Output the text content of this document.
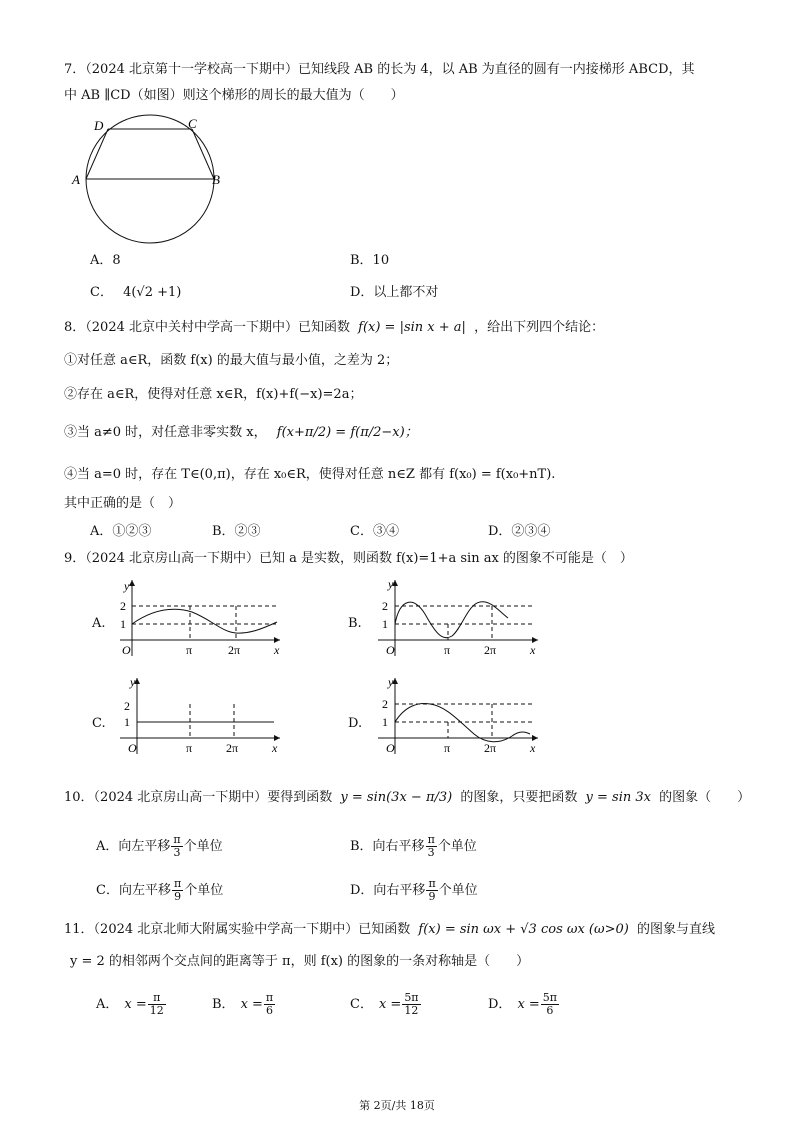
7．（2024 北京第十一学校高一下期中）已知线段 AB 的长为 4，以 AB 为直径的圆有一内接梯形 ABCD，其
中 AB ∥CD（如图）则这个梯形的周长的最大值为（　　）
D	C
A	B
A．8	B．10
C． 4(√2 +1)	D．以上都不对
8．（2024 北京中关村中学高一下期中）已知函数 f(x) = |sin x + a| ，给出下列四个结论：
①对任意 a∈R，函数 f(x) 的最大值与最小值，之差为 2；
②存在 a∈R，使得对任意 x∈R，f(x)+f(−x)=2a；
③当 a≠0 时，对任意非零实数 x， f(x+π/2) = f(π/2−x)；
④当 a=0 时，存在 T∈(0,π)，存在 x₀∈R，使得对任意 n∈Z 都有 f(x₀) = f(x₀+nT).
其中正确的是（　）
A．①②③	B．②③	C．③④	D．②③④
9．（2024 北京房山高一下期中）已知 a 是实数，则函数 f(x)=1+a sin ax 的图象不可能是（　）
A.
y
x
2
1
O	π	2π
B.
y
x
2
1
O	π	2π
C.
y
x
2
1
O	π	2π
D.
y
x
2
1
O	π	2π
10．（2024 北京房山高一下期中）要得到函数 y = sin(3x − π/3) 的图象，只要把函数 y = sin 3x 的图象（　　）
A．向左平移 $\frac{\pi}{3}$ 个单位	B．向右平移 $\frac{\pi}{3}$ 个单位
C．向左平移 $\frac{\pi}{9}$ 个单位	D．向右平移 $\frac{\pi}{9}$ 个单位
11．（2024 北京北师大附属实验中学高一下期中）已知函数 f(x) = sin ωx + √3 cos ωx (ω>0) 的图象与直线
y = 2 的相邻两个交点间的距离等于 π，则 f(x) 的图象的一条对称轴是（　　）
A． $x = \frac{\pi}{12}$	B． $x = \frac{\pi}{6}$	C． $x = \frac{5\pi}{12}$	D． $x = \frac{5\pi}{6}$
第 2页/共 18页
